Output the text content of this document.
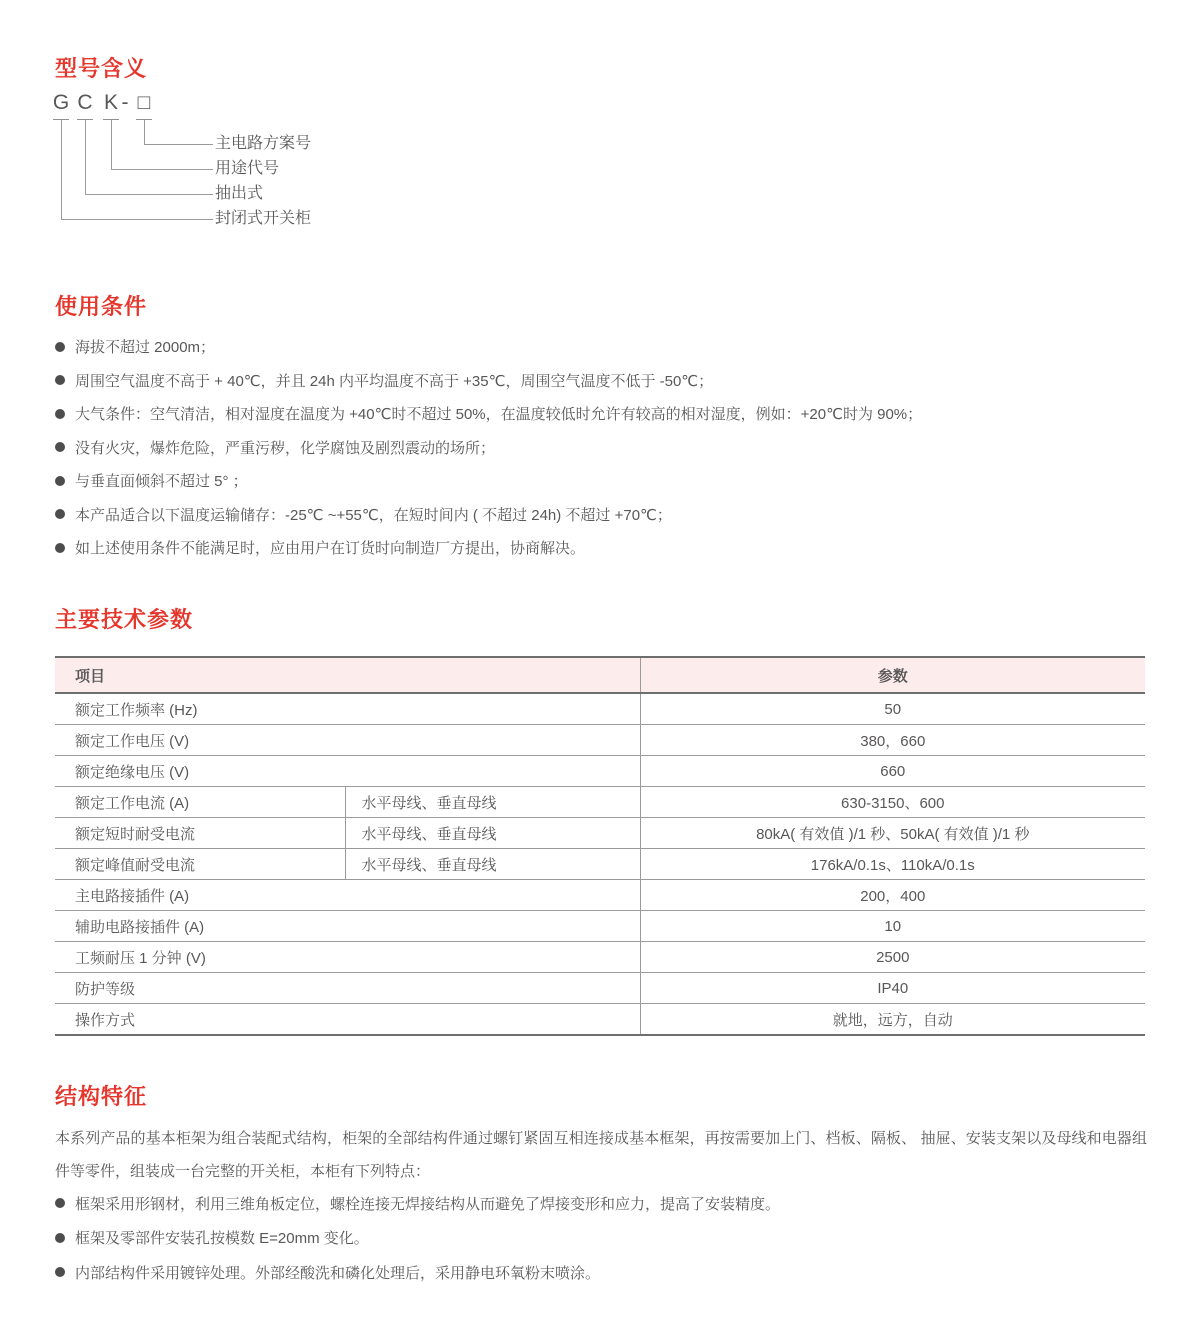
型号含义
G C K - □
主电路方案号
用途代号
抽出式
封闭式开关柜
使用条件
海拔不超过 2000m；
周围空气温度不高于 + 40℃，并且 24h 内平均温度不高于 +35℃，周围空气温度不低于 -50℃；
大气条件：空气清洁，相对湿度在温度为 +40℃时不超过 50%，在温度较低时允许有较高的相对湿度，例如：+20℃时为 90%；
没有火灾，爆炸危险，严重污秽，化学腐蚀及剧烈震动的场所；
与垂直面倾斜不超过 5° ；
本产品适合以下温度运输储存：-25℃ ~+55℃，在短时间内 ( 不超过 24h) 不超过 +70℃；
如上述使用条件不能满足时，应由用户在订货时向制造厂方提出，协商解决。
主要技术参数
项目		参数
额定工作频率 (Hz)		50
额定工作电压 (V)		380，660
额定绝缘电压 (V)		660
额定工作电流 (A)	水平母线、垂直母线	630-3150、600
额定短时耐受电流	水平母线、垂直母线	80kA( 有效值 )/1 秒、50kA( 有效值 )/1 秒
额定峰值耐受电流	水平母线、垂直母线	176kA/0.1s、110kA/0.1s
主电路接插件 (A)		200，400
辅助电路接插件 (A)		10
工频耐压 1 分钟 (V)		2500
防护等级		IP40
操作方式		就地，远方，自动
结构特征

本系列产品的基本柜架为组合装配式结构，柜架的全部结构件通过螺钉紧固互相连接成基本框架，再按需要加上门、档板、隔板、 抽屉、安装支架以及母线和电器组件等零件，组装成一台完整的开关柜，本柜有下列特点：

框架采用形钢材，利用三维角板定位，螺栓连接无焊接结构从而避免了焊接变形和应力，提高了安装精度。
框架及零部件安装孔按模数 E=20mm 变化。
内部结构件采用镀锌处理。外部经酸洗和磷化处理后，采用静电环氧粉末喷涂。
